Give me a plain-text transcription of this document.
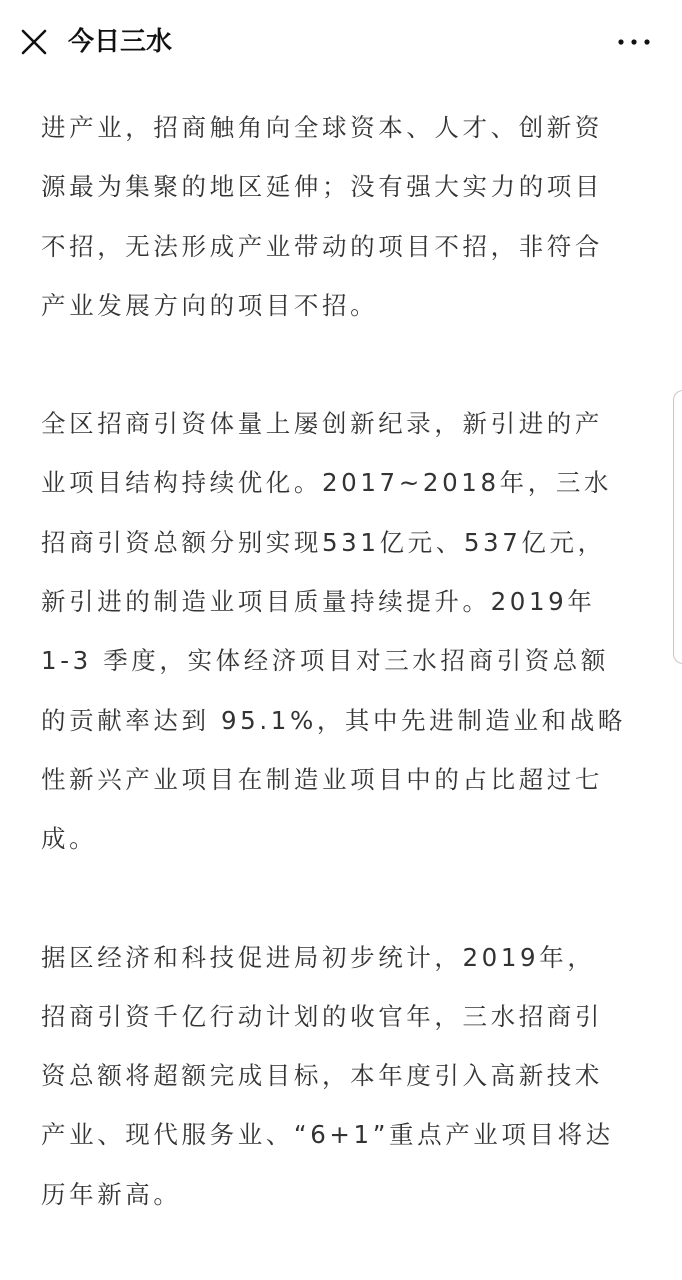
今日三水

进产业，招商触角向全球资本、人才、创新资
源最为集聚的地区延伸；没有强大实力的项目
不招，无法形成产业带动的项目不招，非符合
产业发展方向的项目不招。

全区招商引资体量上屡创新纪录，新引进的产
业项目结构持续优化。2017~2018年，三水
招商引资总额分别实现531亿元、537亿元，
新引进的制造业项目质量持续提升。2019年
1-3 季度，实体经济项目对三水招商引资总额
的贡献率达到 95.1%，其中先进制造业和战略
性新兴产业项目在制造业项目中的占比超过七
成。

据区经济和科技促进局初步统计，2019年，
招商引资千亿行动计划的收官年，三水招商引
资总额将超额完成目标，本年度引入高新技术
产业、现代服务业、“6+1”重点产业项目将达
历年新高。
